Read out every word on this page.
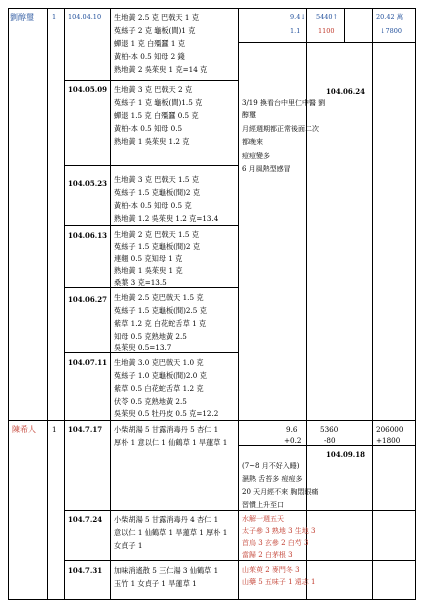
劉醇璽	1 104.04.10 生地黃 2.5 克 巴戟天 1 克
菟絲子 2 克 龜板(間)1 克
蟬退 1 克 白殭蠶 1 克
黃柏-本 0.5 知母 2 錢
熟地黃 2 吳茱臾 1 克=14 克
9.4↓
1.1
5440↑
1100
20.42 萬
↓7800
104.05.09 生地黃 3 克 巴戟天 2 克
菟絲子 1 克 龜板(間)1.5 克
蟬退 1.5 克 白殭蠶 0.5 克
黃柏-本 0.5 知母 0.5
熟地黃 1 吳茱臾 1.2 克
104.06.24
3/19 換看台中里仁中醫 劉
醇璽
月經週期都正常後面二次
都晚來
痘痘變多
6 月風熱型感冒
104.05.23 生地黃 3 克 巴戟天 1.5 克
菟絲子 1.5 克龜板(間)2 克
黃柏-本 0.5 知母 0.5 克
熟地黃 1.2 吳茱臾 1.2 克=13.4
104.06.13 生地黃 2 克 巴戟天 1.5 克
菟絲子 1.5 克龜板(間)2 克
連翹 0.5 克知母 1 克
熟地黃 1 吳茱臾 1 克
桑葉 3 克=13.5
104.06.27 生地黃 2.5 克巴戟天 1.5 克
菟絲子 1.5 克龜板(間)2.5 克
紫草 1.2 克 白花蛇舌草 1 克
知母 0.5 克熟地黃 2.5
吳茱臾 0.5=13.7
104.07.11 生地黃 3.0 克巴戟天 1.0 克
菟絲子 1.0 克龜板(間)2.0 克
紫草 0.5 白花蛇舌草 1.2 克
伏苓 0.5 克熟地黃 2.5
吳茱臾 0.5 牡丹皮 0.5 克=12.2
陳希人 1 104.7.17 小柴胡湯 5 甘露消毒丹 5 杏仁 1
厚朴 1 意以仁 1 仙鶴草 1 旱蓮草 1
9.6
+0.2
5360
-80
206000
+1800
104.09.18
(7~8 月不好入睡)
濕熱 舌苔多 痘痘多
20 天月經不來 胸悶眼痛
習慣上升至口
104.7.24 小柴胡湯 5 甘露消毒丹 4 杏仁 1
意以仁 1 仙鶴草 1 旱蓮草 1 厚朴 1
女貞子 1
水解一週五天
太子參 3 熟地 3 生地 3
首烏 3 玄參 2 白芍 3
當歸 2 白茅根 3
104.7.31 加味消遙散 5 三仁湯 3 仙鶴草 1
玉竹 1 女貞子 1 旱蓮草 1
山茱萸 2 麥門冬 3
山藥 5 五味子 1 遠志 1
